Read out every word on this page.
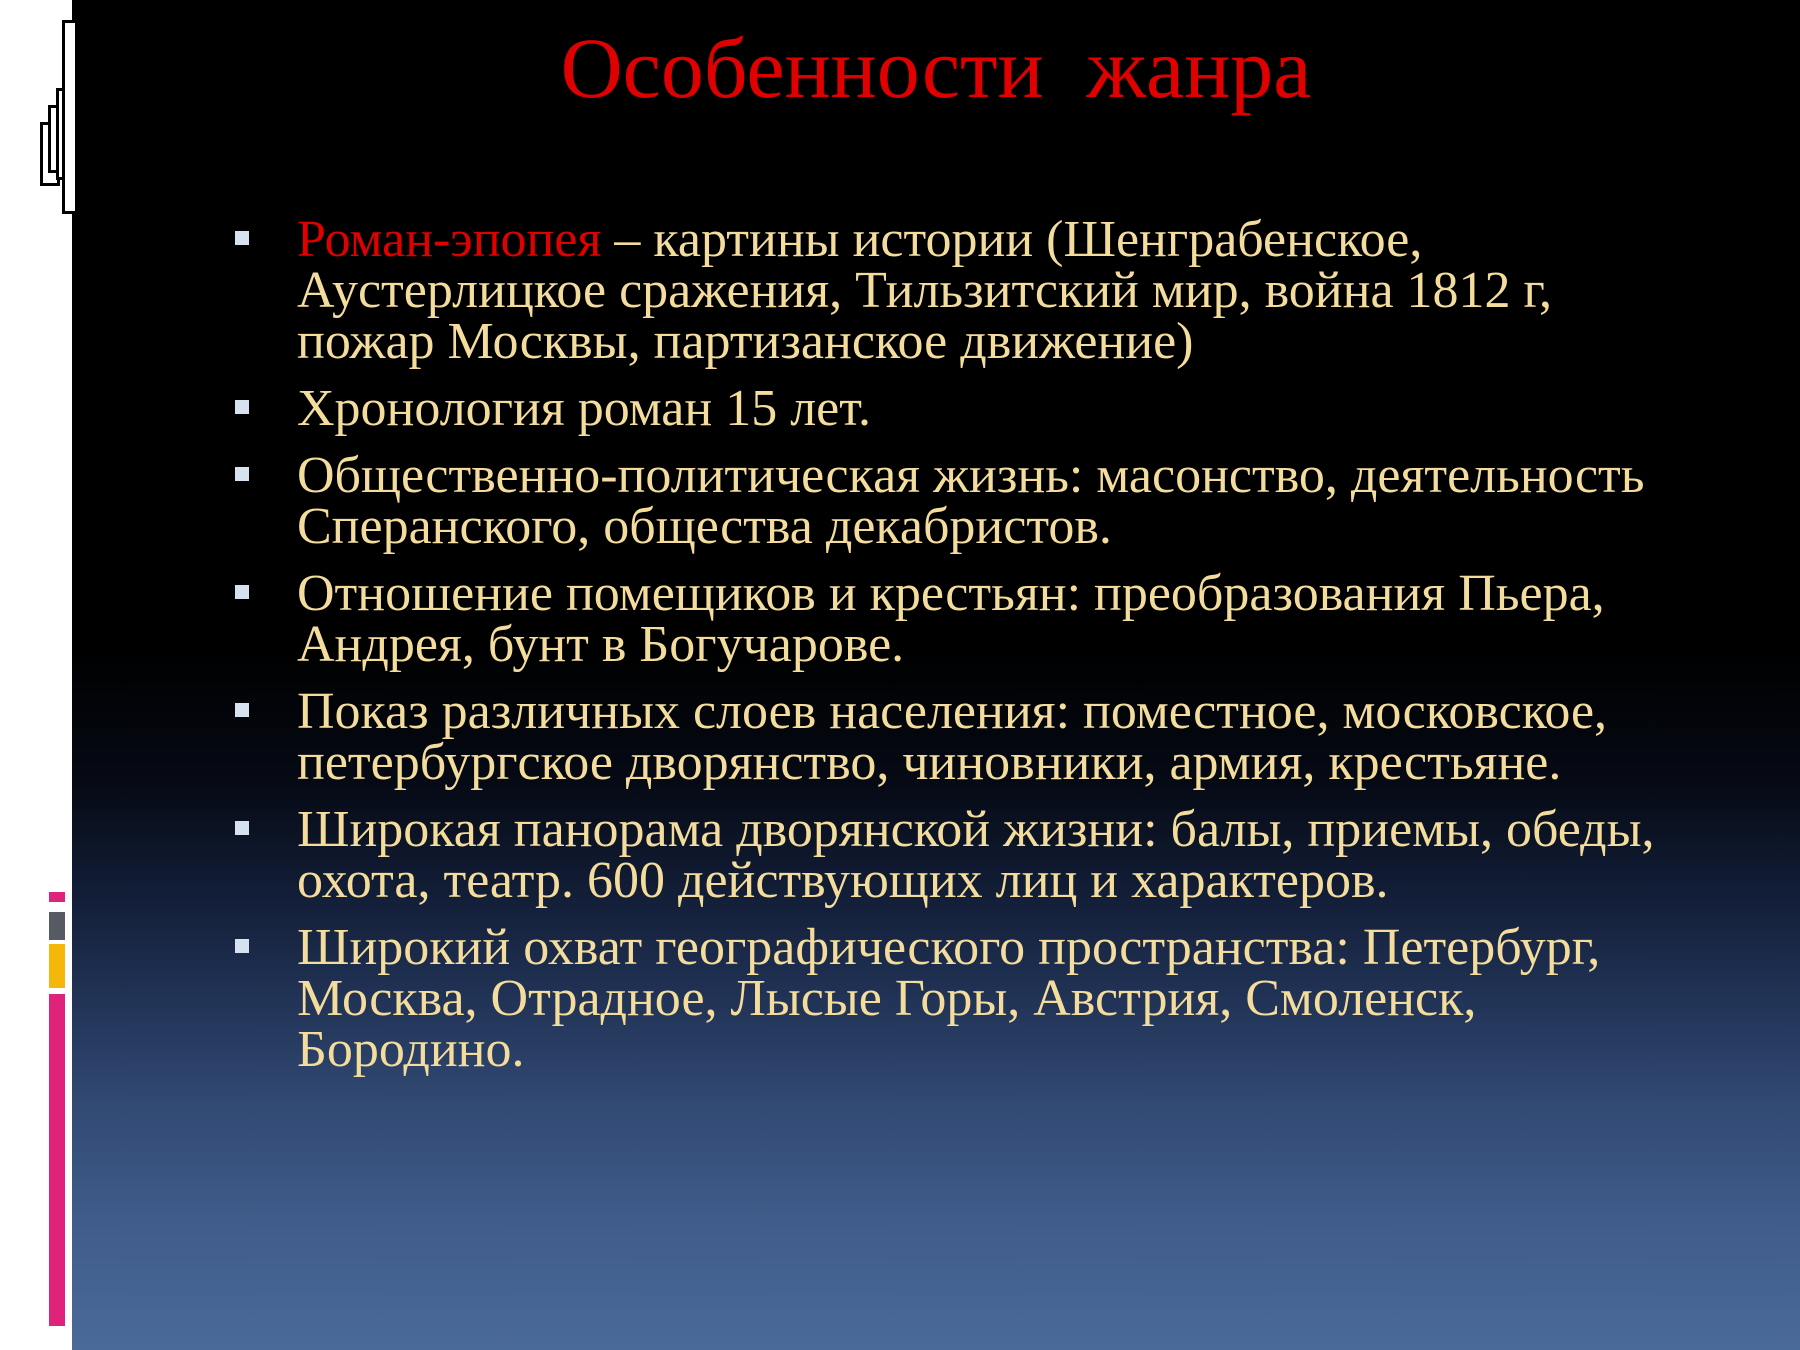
Особенности  жанра
Роман-эпопея – картины истории (Шенграбенское, Аустерлицкое сражения, Тильзитский мир, война 1812 г, пожар Москвы, партизанское движение)
Хронология роман 15 лет.
Общественно-политическая жизнь: масонство, деятельность Сперанского, общества декабристов.
Отношение помещиков и крестьян: преобразования Пьера, Андрея, бунт в Богучарове.
Показ различных слоев населения: поместное, московское, петербургское дворянство, чиновники, армия, крестьяне.
Широкая панорама дворянской жизни: балы, приемы, обеды, охота, театр. 600 действующих лиц и характеров.
Широкий охват географического пространства: Петербург, Москва, Отрадное, Лысые Горы, Австрия, Смоленск, Бородино.
